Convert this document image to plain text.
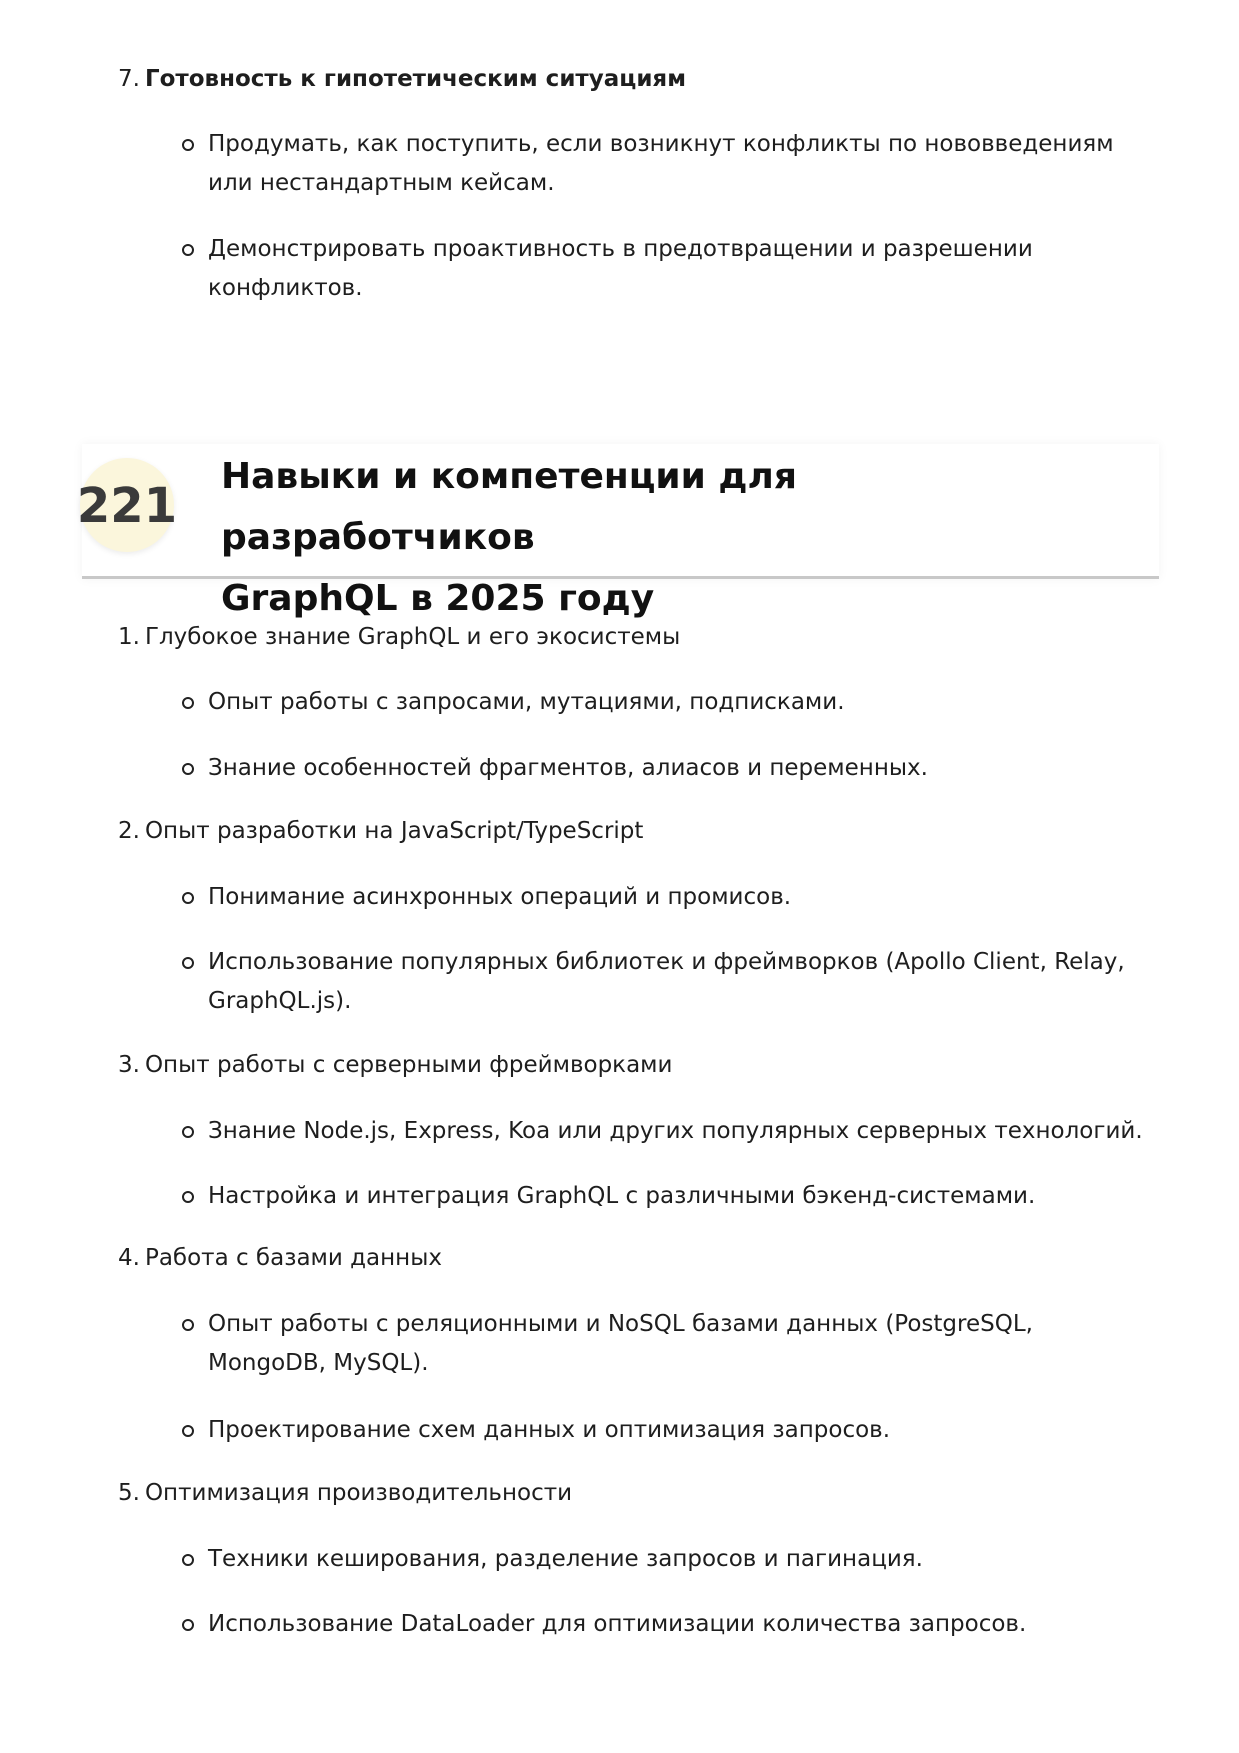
7. Готовность к гипотетическим ситуациям
Продумать, как поступить, если возникнут конфликты по нововведениям или нестандартным кейсам.
Демонстрировать проактивность в предотвращении и разрешении конфликтов.
221
Навыки и компетенции для разработчиков
GraphQL в 2025 году
1. Глубокое знание GraphQL и его экосистемы
Опыт работы с запросами, мутациями, подписками.
Знание особенностей фрагментов, алиасов и переменных.
2. Опыт разработки на JavaScript/TypeScript
Понимание асинхронных операций и промисов.
Использование популярных библиотек и фреймворков (Apollo Client, Relay, GraphQL.js).
3. Опыт работы с серверными фреймворками
Знание Node.js, Express, Koa или других популярных серверных технологий.
Настройка и интеграция GraphQL с различными бэкенд-системами.
4. Работа с базами данных
Опыт работы с реляционными и NoSQL базами данных (PostgreSQL, MongoDB, MySQL).
Проектирование схем данных и оптимизация запросов.
5. Оптимизация производительности
Техники кеширования, разделение запросов и пагинация.
Использование DataLoader для оптимизации количества запросов.
